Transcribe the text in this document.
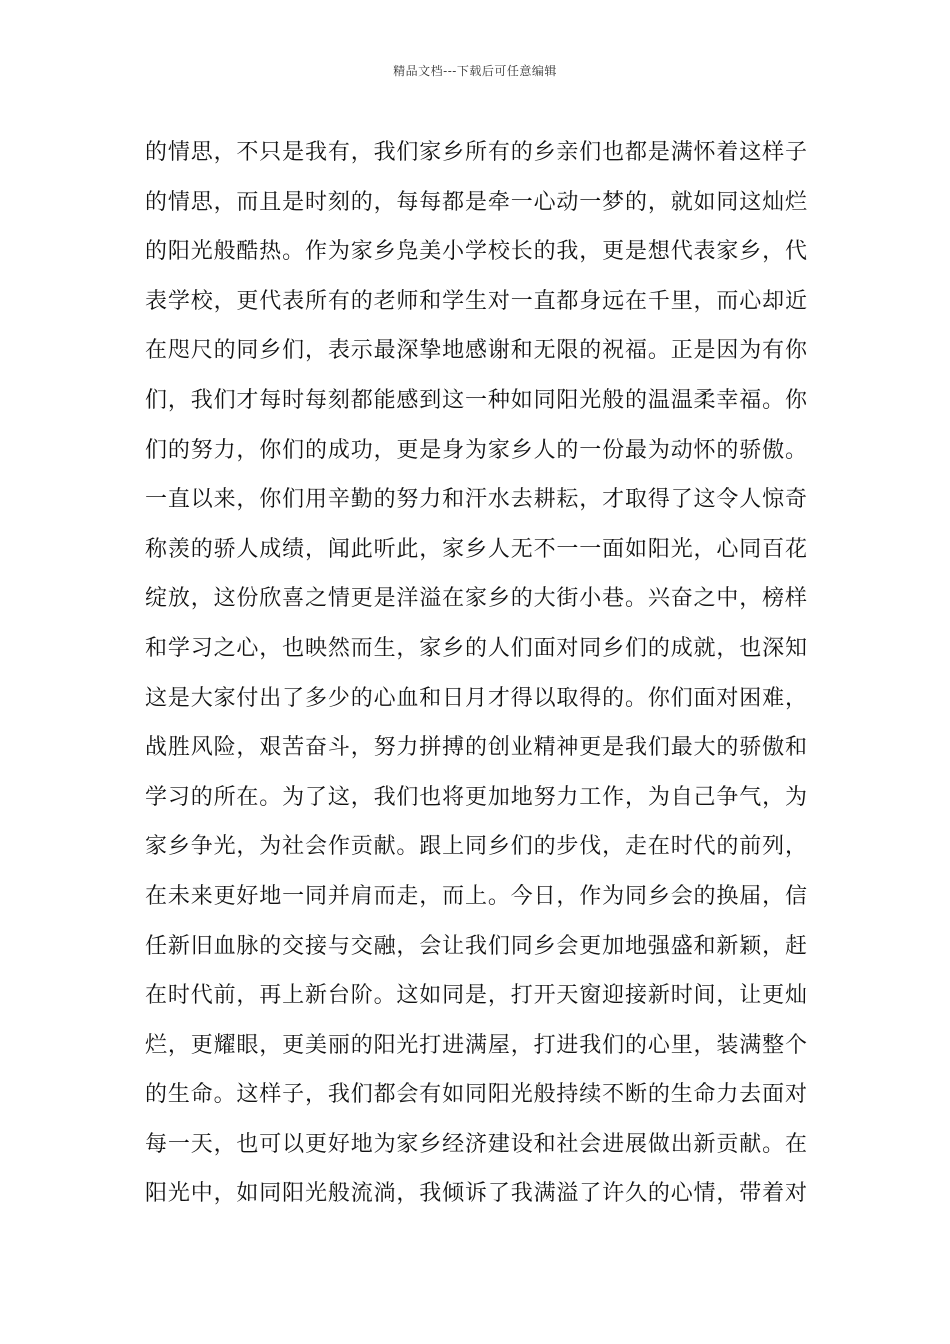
精品文档---下载后可任意编辑
的情思，不只是我有，我们家乡所有的乡亲们也都是满怀着这样子
的情思，而且是时刻的，每每都是牵一心动一梦的，就如同这灿烂
的阳光般酷热。作为家乡凫美小学校长的我，更是想代表家乡，代
表学校，更代表所有的老师和学生对一直都身远在千里，而心却近
在咫尺的同乡们，表示最深挚地感谢和无限的祝福。正是因为有你
们，我们才每时每刻都能感到这一种如同阳光般的温温柔幸福。你
们的努力，你们的成功，更是身为家乡人的一份最为动怀的骄傲。
一直以来，你们用辛勤的努力和汗水去耕耘，才取得了这令人惊奇
称羡的骄人成绩，闻此听此，家乡人无不一一面如阳光，心同百花
绽放，这份欣喜之情更是洋溢在家乡的大街小巷。兴奋之中，榜样
和学习之心，也映然而生，家乡的人们面对同乡们的成就，也深知
这是大家付出了多少的心血和日月才得以取得的。你们面对困难，
战胜风险，艰苦奋斗，努力拼搏的创业精神更是我们最大的骄傲和
学习的所在。为了这，我们也将更加地努力工作，为自己争气，为
家乡争光，为社会作贡献。跟上同乡们的步伐，走在时代的前列，
在未来更好地一同并肩而走，而上。今日，作为同乡会的换届，信
任新旧血脉的交接与交融，会让我们同乡会更加地强盛和新颖，赶
在时代前，再上新台阶。这如同是，打开天窗迎接新时间，让更灿
烂，更耀眼，更美丽的阳光打进满屋，打进我们的心里，装满整个
的生命。这样子，我们都会有如同阳光般持续不断的生命力去面对
每一天，也可以更好地为家乡经济建设和社会进展做出新贡献。在
阳光中，如同阳光般流淌，我倾诉了我满溢了许久的心情，带着对
